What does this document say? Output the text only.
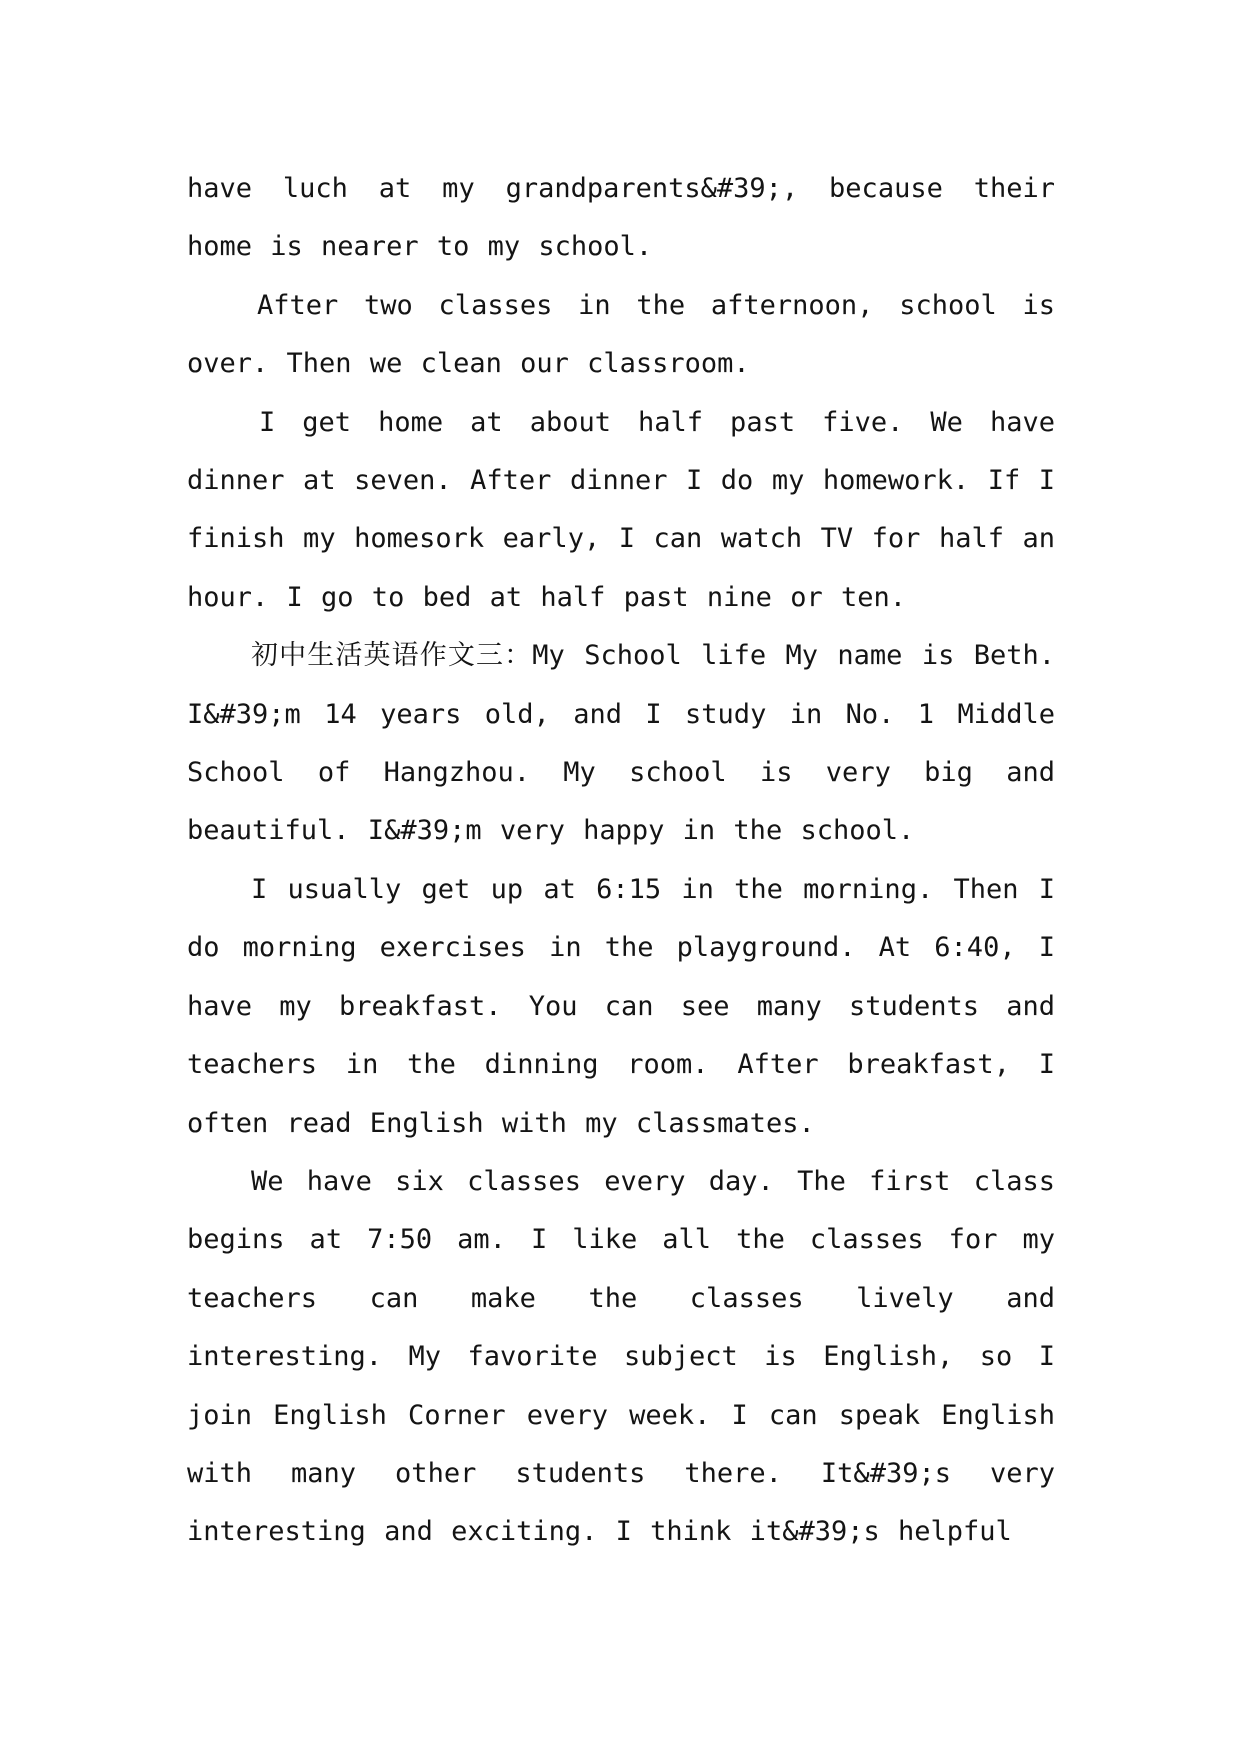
have luch at my grandparents&#39;, because their home is nearer to my school.

After two classes in the afternoon, school is over. Then we clean our classroom.

I get home at about half past five. We have dinner at seven. After dinner I do my homework. If I finish my homesork early, I can watch TV for half an hour. I go to bed at half past nine or ten.

初中生活英语作文三：My School life My name is Beth. I&#39;m 14 years old, and I study in No. 1 Middle School of Hangzhou. My school is very big and beautiful. I&#39;m very happy in the school.

I usually get up at 6:15 in the morning. Then I do morning exercises in the playground. At 6:40, I have my breakfast. You can see many students and teachers in the dinning room. After breakfast, I often read English with my classmates.

We have six classes every day. The first class begins at 7:50 am. I like all the classes for my teachers can make the classes lively and interesting. My favorite subject is English, so I join English Corner every week. I can speak English with many other students there. It&#39;s very interesting and exciting. I think it&#39;s helpful
